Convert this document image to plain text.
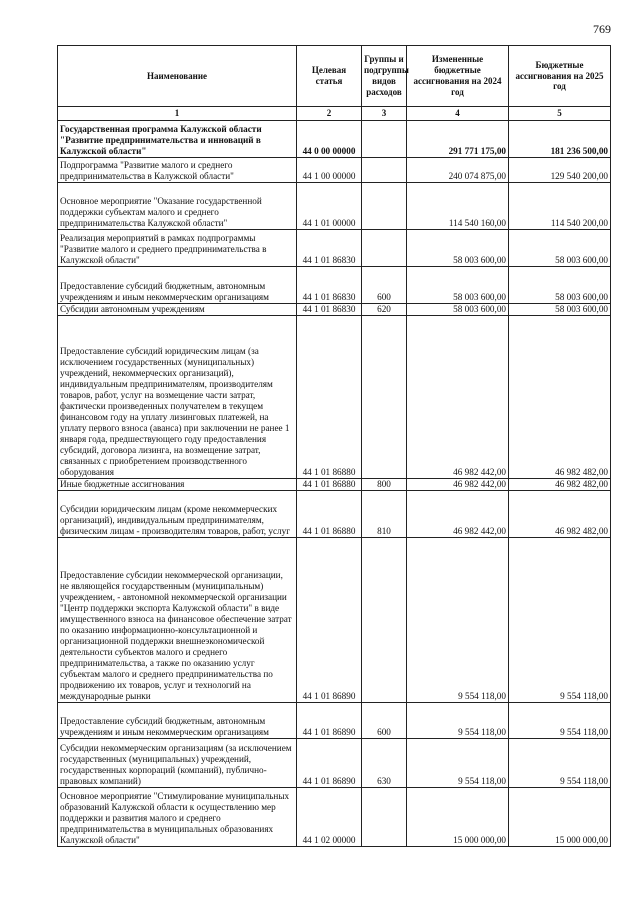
769
Наименование	Целевая статья	Группы и подгруппы видов расходов	Измененные бюджетные ассигнования на 2024 год	Бюджетные ассигнования на 2025 год
1	2	3	4	5
Государственная программа Калужской области "Развитие предпринимательства и инноваций в Калужской области"	44 0 00 00000		291 771 175,00	181 236 500,00
Подпрограмма "Развитие малого и среднего предпринимательства в Калужской области"	44 1 00 00000		240 074 875,00	129 540 200,00
Основное мероприятие "Оказание государственной поддержки субъектам малого и среднего предпринимательства Калужской области"	44 1 01 00000		114 540 160,00	114 540 200,00
Реализация мероприятий в рамках подпрограммы "Развитие малого и среднего предпринимательства в Калужской области"	44 1 01 86830		58 003 600,00	58 003 600,00
Предоставление субсидий бюджетным, автономным учреждениям и иным некоммерческим организациям	44 1 01 86830	600	58 003 600,00	58 003 600,00
Субсидии автономным учреждениям	44 1 01 86830	620	58 003 600,00	58 003 600,00
Предоставление субсидий юридическим лицам (за исключением государственных (муниципальных) учреждений, некоммерческих организаций), индивидуальным предпринимателям, производителям товаров, работ, услуг на возмещение части затрат, фактически произведенных получателем в текущем финансовом году на уплату лизинговых платежей, на уплату первого взноса (аванса) при заключении не ранее 1 января года, предшествующего году предоставления субсидий, договора лизинга, на возмещение затрат, связанных с приобретением производственного оборудования	44 1 01 86880		46 982 442,00	46 982 482,00
Иные бюджетные ассигнования	44 1 01 86880	800	46 982 442,00	46 982 482,00
Субсидии юридическим лицам (кроме некоммерческих организаций), индивидуальным предпринимателям, физическим лицам - производителям товаров, работ, услуг	44 1 01 86880	810	46 982 442,00	46 982 482,00
Предоставление субсидии некоммерческой организации, не являющейся государственным (муниципальным) учреждением, - автономной некоммерческой организации "Центр поддержки экспорта Калужской области" в виде имущественного взноса на финансовое обеспечение затрат по оказанию информационно-консультационной и организационной поддержки внешнеэкономической деятельности субъектов малого и среднего предпринимательства, а также по оказанию услуг субъектам малого и среднего предпринимательства по продвижению их товаров, услуг и технологий на международные рынки	44 1 01 86890		9 554 118,00	9 554 118,00
Предоставление субсидий бюджетным, автономным учреждениям и иным некоммерческим организациям	44 1 01 86890	600	9 554 118,00	9 554 118,00
Субсидии некоммерческим организациям (за исключением государственных (муниципальных) учреждений, государственных корпораций (компаний), публично-правовых компаний)	44 1 01 86890	630	9 554 118,00	9 554 118,00
Основное мероприятие "Стимулирование муниципальных образований Калужской области к осуществлению мер поддержки и развития малого и среднего предпринимательства в муниципальных образованиях Калужской области"	44 1 02 00000		15 000 000,00	15 000 000,00
